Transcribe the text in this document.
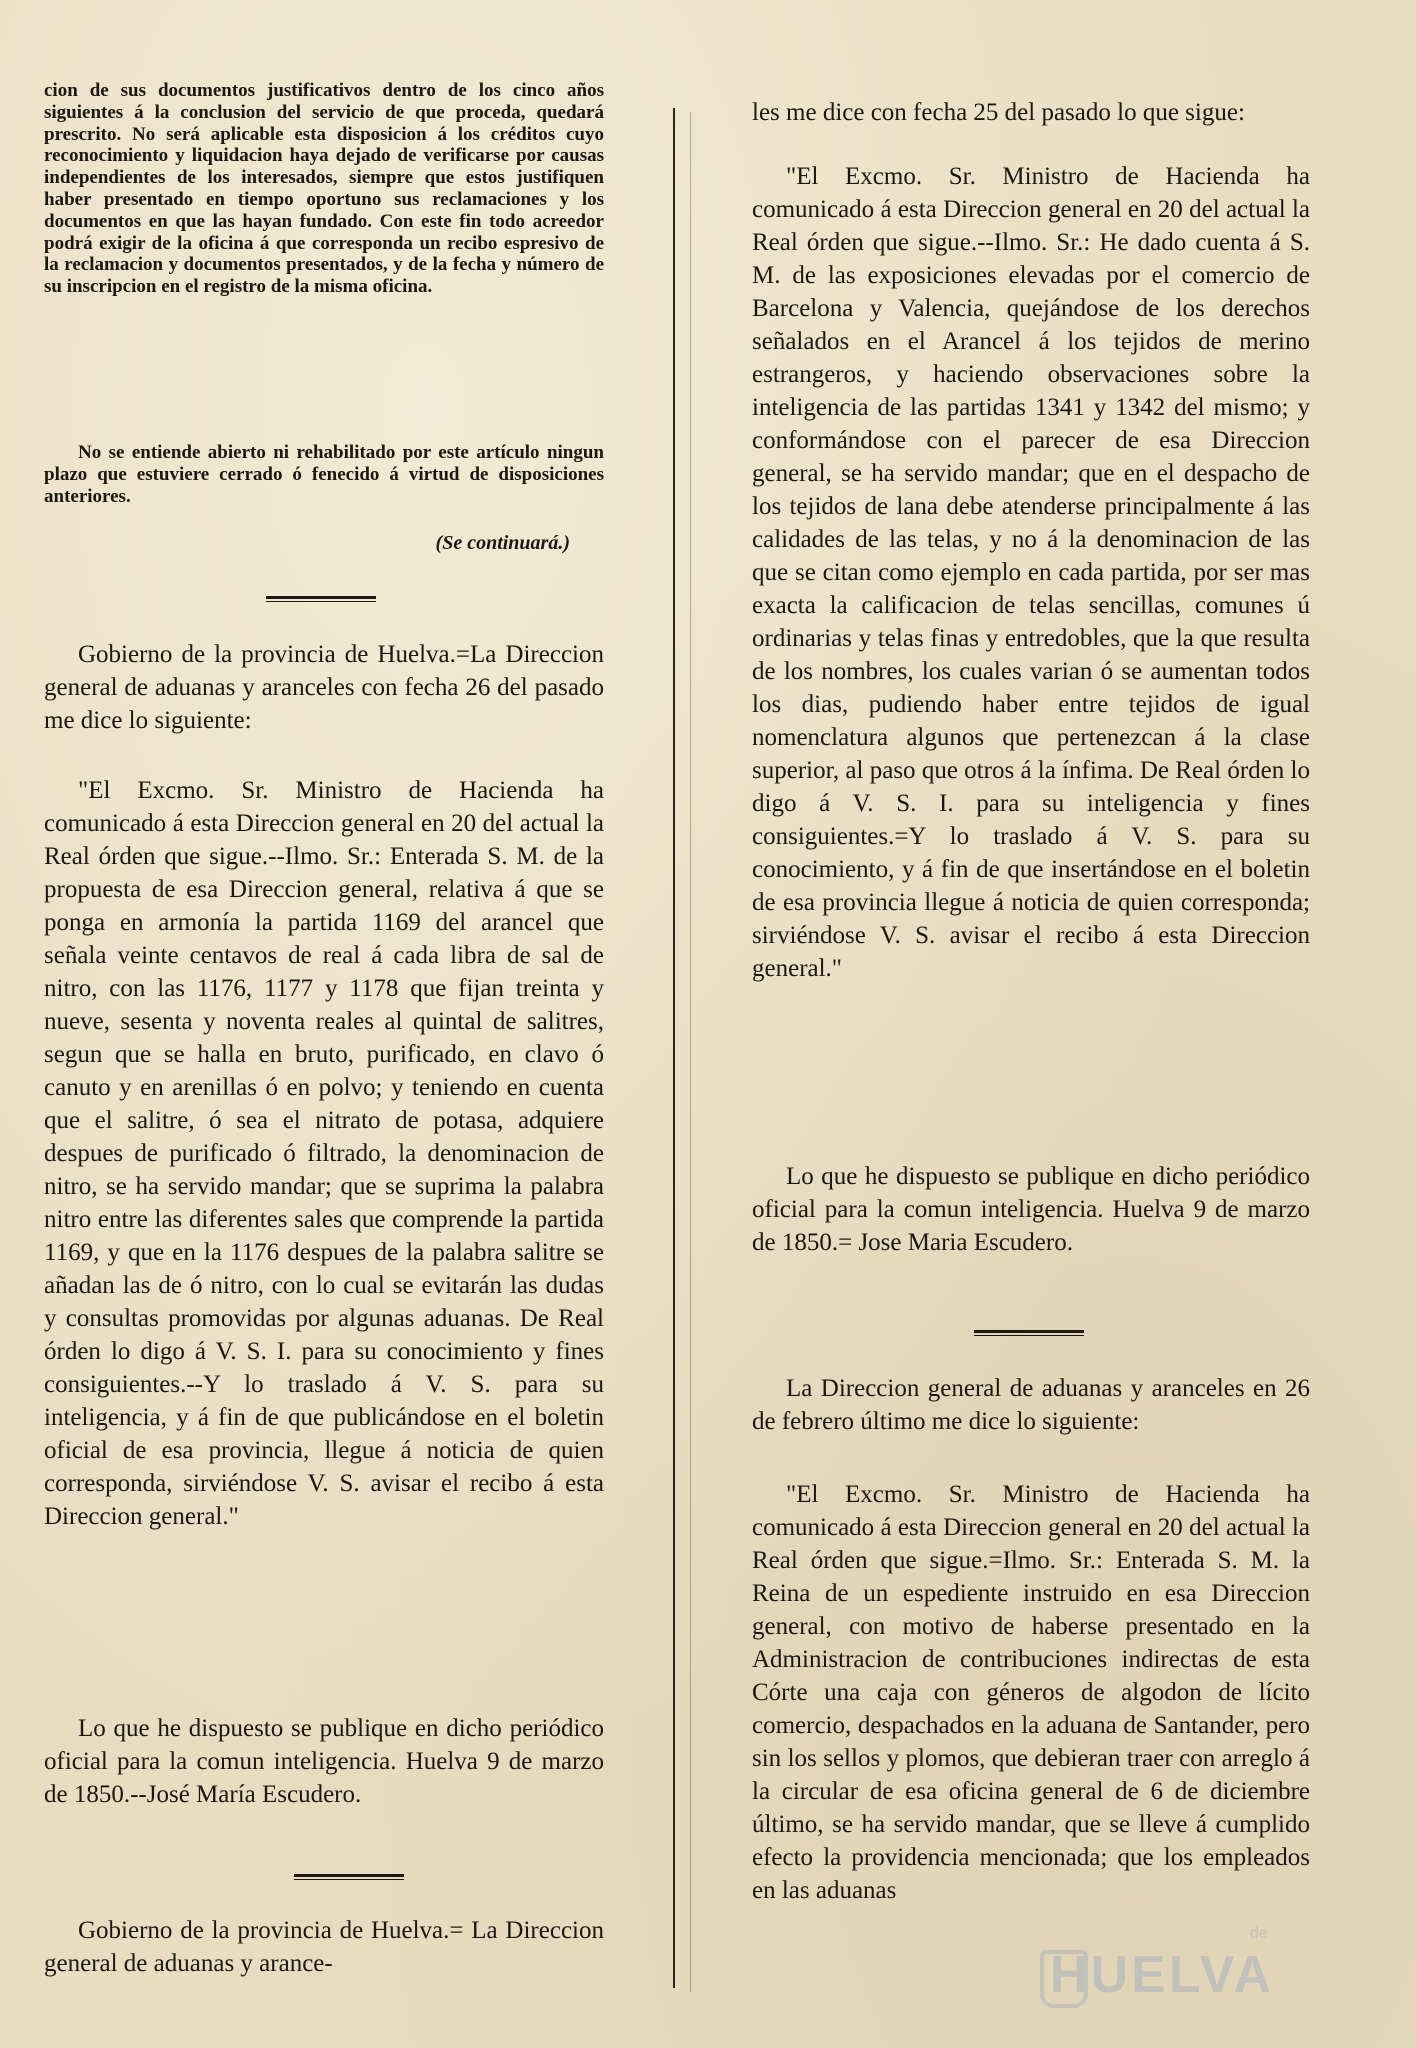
cion de sus documentos justificativos dentro de los cinco años siguientes á la conclusion del servicio de que proceda, quedará prescrito. No será aplicable esta disposicion á los créditos cuyo reconocimiento y liquidacion haya dejado de verificarse por causas independientes de los interesados, siempre que estos justifiquen haber presentado en tiempo oportuno sus reclamaciones y los documentos en que las hayan fundado. Con este fin todo acreedor podrá exigir de la oficina á que corresponda un recibo espresivo de la reclamacion y documentos presentados, y de la fecha y número de su inscripcion en el registro de la misma oficina.

No se entiende abierto ni rehabilitado por este artículo ningun plazo que estuviere cerrado ó fenecido á virtud de disposiciones anteriores.

(Se continuará.)

Gobierno de la provincia de Huelva.=La Direccion general de aduanas y aranceles con fecha 26 del pasado me dice lo siguiente:

"El Excmo. Sr. Ministro de Hacienda ha comunicado á esta Direccion general en 20 del actual la Real órden que sigue.--Ilmo. Sr.: Enterada S. M. de la propuesta de esa Direccion general, relativa á que se ponga en armonía la partida 1169 del arancel que señala veinte centavos de real á cada libra de sal de nitro, con las 1176, 1177 y 1178 que fijan treinta y nueve, sesenta y noventa reales al quintal de salitres, segun que se halla en bruto, purificado, en clavo ó canuto y en arenillas ó en polvo; y teniendo en cuenta que el salitre, ó sea el nitrato de potasa, adquiere despues de purificado ó filtrado, la denominacion de nitro, se ha servido mandar; que se suprima la palabra nitro entre las diferentes sales que comprende la partida 1169, y que en la 1176 despues de la palabra salitre se añadan las de ó nitro, con lo cual se evitarán las dudas y consultas promovidas por algunas aduanas. De Real órden lo digo á V. S. I. para su conocimiento y fines consiguientes.--Y lo traslado á V. S. para su inteligencia, y á fin de que publicándose en el boletin oficial de esa provincia, llegue á noticia de quien corresponda, sirviéndose V. S. avisar el recibo á esta Direccion general."

Lo que he dispuesto se publique en dicho periódico oficial para la comun inteligencia. Huelva 9 de marzo de 1850.--José María Escudero.

Gobierno de la provincia de Huelva.= La Direccion general de aduanas y arance-

les me dice con fecha 25 del pasado lo que sigue:

"El Excmo. Sr. Ministro de Hacienda ha comunicado á esta Direccion general en 20 del actual la Real órden que sigue.--Ilmo. Sr.: He dado cuenta á S. M. de las exposiciones elevadas por el comercio de Barcelona y Valencia, quejándose de los derechos señalados en el Arancel á los tejidos de merino estrangeros, y haciendo observaciones sobre la inteligencia de las partidas 1341 y 1342 del mismo; y conformándose con el parecer de esa Direccion general, se ha servido mandar; que en el despacho de los tejidos de lana debe atenderse principalmente á las calidades de las telas, y no á la denominacion de las que se citan como ejemplo en cada partida, por ser mas exacta la calificacion de telas sencillas, comunes ú ordinarias y telas finas y entredobles, que la que resulta de los nombres, los cuales varian ó se aumentan todos los dias, pudiendo haber entre tejidos de igual nomenclatura algunos que pertenezcan á la clase superior, al paso que otros á la ínfima. De Real órden lo digo á V. S. I. para su inteligencia y fines consiguientes.=Y lo traslado á V. S. para su conocimiento, y á fin de que insertándose en el boletin de esa provincia llegue á noticia de quien corresponda; sirviéndose V. S. avisar el recibo á esta Direccion general."

Lo que he dispuesto se publique en dicho periódico oficial para la comun inteligencia. Huelva 9 de marzo de 1850.= Jose Maria Escudero.

La Direccion general de aduanas y aranceles en 26 de febrero último me dice lo siguiente:

"El Excmo. Sr. Ministro de Hacienda ha comunicado á esta Direccion general en 20 del actual la Real órden que sigue.=Ilmo. Sr.: Enterada S. M. la Reina de un espediente instruido en esa Direccion general, con motivo de haberse presentado en la Administracion de contribuciones indirectas de esta Córte una caja con géneros de algodon de lícito comercio, despachados en la aduana de Santander, pero sin los sellos y plomos, que debieran traer con arreglo á la circular de esa oficina general de 6 de diciembre último, se ha servido mandar, que se lleve á cumplido efecto la providencia mencionada; que los empleados en las aduanas

de
HUELVA
